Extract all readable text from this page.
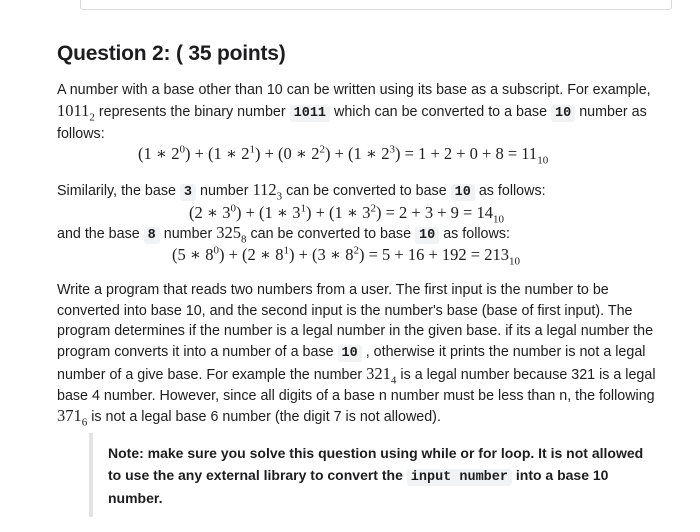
Question 2: ( 35 points)
A number with a base other than 10 can be written using its base as a subscript. For example, $1011_2$ represents the binary number 1011 which can be converted to a base 10 number as follows:
(1 ∗ $2^0) + (1$ ∗ $2^1) + (0$ ∗ $2^2) + (1$ ∗ $2^3) = 1 + 2 + 0 + 8 = 11_{10}$
Similarily, the base 3 number $112_3$ can be converted to base 10 as follows:
(2 ∗ $3^0) + (1$ ∗ $3^1) + (1$ ∗ $3^2) = 2 + 3 + 9 = 14_{10}$
and the base 8 number $325_8$ can be converted to base 10 as follows:
(5 ∗ $8^0) + (2$ ∗ $8^1) + (3$ ∗ $8^2) = 5 + 16 + 192 = 213_{10}$
Write a program that reads two numbers from a user. The first input is the number to be converted into base 10, and the second input is the number's base (base of first input). The program determines if the number is a legal number in the given base. if its a legal number the program converts it into a number of a base 10 , otherwise it prints the number is not a legal number of a give base. For example the number $321_4$ is a legal number because 321 is a legal base 4 number. However, since all digits of a base n number must be less than n, the following $371_6$ is not a legal base 6 number (the digit 7 is not allowed).

Note: make sure you solve this question using while or for loop. It is not allowed to use the any external library to convert the input number into a base 10 number.
